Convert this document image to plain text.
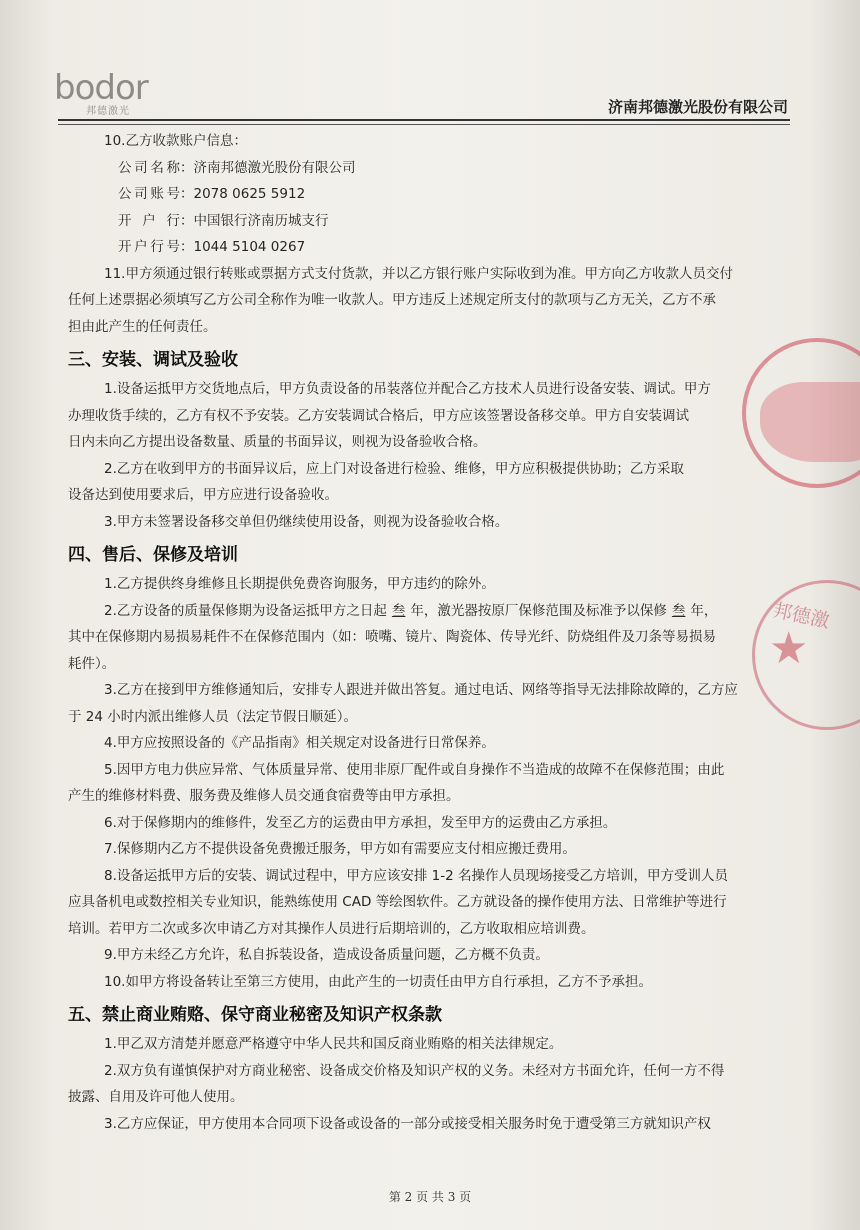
bodor
邦德激光	济南邦德激光股份有限公司
10.乙方收款账户信息：
公司名称：济南邦德激光股份有限公司
公司账号：2078 0625 5912
开户行：中国银行济南历城支行
开户行号：1044 5104 0267
11.甲方须通过银行转账或票据方式支付货款，并以乙方银行账户实际收到为准。甲方向乙方收款人员交付
任何上述票据必须填写乙方公司全称作为唯一收款人。甲方违反上述规定所支付的款项与乙方无关，乙方不承
担由此产生的任何责任。
三、安装、调试及验收
1.设备运抵甲方交货地点后，甲方负责设备的吊装落位并配合乙方技术人员进行设备安装、调试。甲方
办理收货手续的，乙方有权不予安装。乙方安装调试合格后，甲方应该签署设备移交单。甲方自安装调试
日内未向乙方提出设备数量、质量的书面异议，则视为设备验收合格。
2.乙方在收到甲方的书面异议后，应上门对设备进行检验、维修，甲方应积极提供协助；乙方采取
设备达到使用要求后，甲方应进行设备验收。
3.甲方未签署设备移交单但仍继续使用设备，则视为设备验收合格。
四、售后、保修及培训
1.乙方提供终身维修且长期提供免费咨询服务，甲方违约的除外。
2.乙方设备的质量保修期为设备运抵甲方之日起 叁 年，激光器按原厂保修范围及标准予以保修 叁 年，
其中在保修期内易损易耗件不在保修范围内（如：喷嘴、镜片、陶瓷体、传导光纤、防烧组件及刀条等易损易
耗件）。
3.乙方在接到甲方维修通知后，安排专人跟进并做出答复。通过电话、网络等指导无法排除故障的，乙方应
于 24 小时内派出维修人员（法定节假日顺延）。
4.甲方应按照设备的《产品指南》相关规定对设备进行日常保养。
5.因甲方电力供应异常、气体质量异常、使用非原厂配件或自身操作不当造成的故障不在保修范围；由此
产生的维修材料费、服务费及维修人员交通食宿费等由甲方承担。
6.对于保修期内的维修件，发至乙方的运费由甲方承担，发至甲方的运费由乙方承担。
7.保修期内乙方不提供设备免费搬迁服务，甲方如有需要应支付相应搬迁费用。
8.设备运抵甲方后的安装、调试过程中，甲方应该安排 1-2 名操作人员现场接受乙方培训，甲方受训人员
应具备机电或数控相关专业知识，能熟练使用 CAD 等绘图软件。乙方就设备的操作使用方法、日常维护等进行
培训。若甲方二次或多次申请乙方对其操作人员进行后期培训的，乙方收取相应培训费。
9.甲方未经乙方允许，私自拆装设备，造成设备质量问题，乙方概不负责。
10.如甲方将设备转让至第三方使用，由此产生的一切责任由甲方自行承担，乙方不予承担。
五、禁止商业贿赂、保守商业秘密及知识产权条款
1.甲乙双方清楚并愿意严格遵守中华人民共和国反商业贿赂的相关法律规定。
2.双方负有谨慎保护对方商业秘密、设备成交价格及知识产权的义务。未经对方书面允许，任何一方不得
披露、自用及许可他人使用。
3.乙方应保证，甲方使用本合同项下设备或设备的一部分或接受相关服务时免于遭受第三方就知识产权
邦德激
★
第 2 页 共 3 页
